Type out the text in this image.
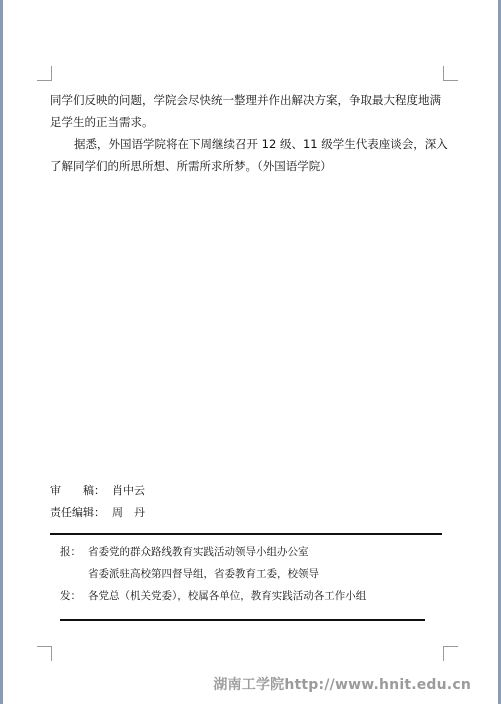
同学们反映的问题，学院会尽快统一整理并作出解决方案，争取最大程度地满足学生的正当需求。

据悉，外国语学院将在下周继续召开 12 级、11 级学生代表座谈会，深入了解同学们的所思所想、所需所求所梦。（外国语学院）

审　　稿： 肖中云
责任编辑： 周　丹
报： 省委党的群众路线教育实践活动领导小组办公室
省委派驻高校第四督导组，省委教育工委，校领导
发： 各党总（机关党委），校属各单位，教育实践活动各工作小组
湖南工学院http://www.hnit.edu.cn
